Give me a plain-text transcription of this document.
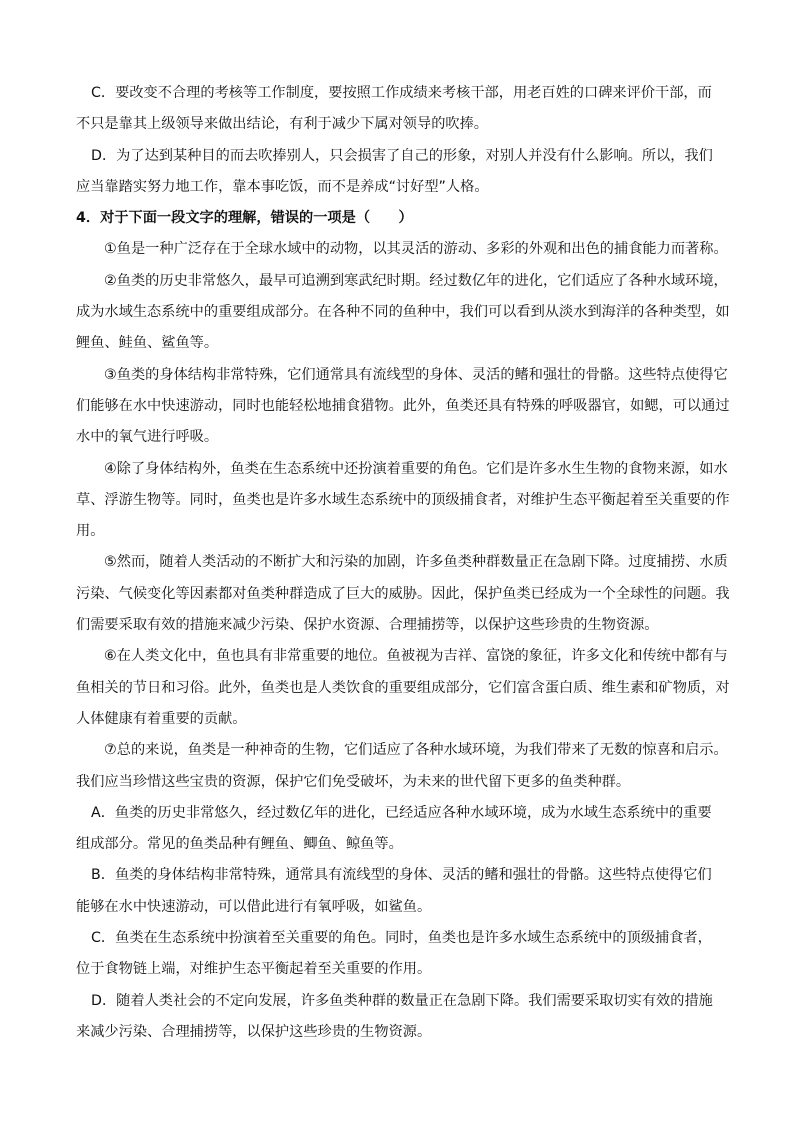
C．要改变不合理的考核等工作制度，要按照工作成绩来考核干部，用老百姓的口碑来评价干部，而
不只是靠其上级领导来做出结论，有利于减少下属对领导的吹捧。
D．为了达到某种目的而去吹捧别人，只会损害了自己的形象，对别人并没有什么影响。所以，我们
应当靠踏实努力地工作，靠本事吃饭，而不是养成“讨好型”人格。
4．对于下面一段文字的理解，错误的一项是（　　）
①鱼是一种广泛存在于全球水域中的动物，以其灵活的游动、多彩的外观和出色的捕食能力而著称。
②鱼类的历史非常悠久，最早可追溯到寒武纪时期。经过数亿年的进化，它们适应了各种水域环境，
成为水域生态系统中的重要组成部分。在各种不同的鱼种中，我们可以看到从淡水到海洋的各种类型，如
鲤鱼、鲑鱼、鲨鱼等。
③鱼类的身体结构非常特殊，它们通常具有流线型的身体、灵活的鳍和强壮的骨骼。这些特点使得它
们能够在水中快速游动，同时也能轻松地捕食猎物。此外，鱼类还具有特殊的呼吸器官，如鳃，可以通过
水中的氧气进行呼吸。
④除了身体结构外，鱼类在生态系统中还扮演着重要的角色。它们是许多水生生物的食物来源，如水
草、浮游生物等。同时，鱼类也是许多水域生态系统中的顶级捕食者，对维护生态平衡起着至关重要的作
用。
⑤然而，随着人类活动的不断扩大和污染的加剧，许多鱼类种群数量正在急剧下降。过度捕捞、水质
污染、气候变化等因素都对鱼类种群造成了巨大的威胁。因此，保护鱼类已经成为一个全球性的问题。我
们需要采取有效的措施来减少污染、保护水资源、合理捕捞等，以保护这些珍贵的生物资源。
⑥在人类文化中，鱼也具有非常重要的地位。鱼被视为吉祥、富饶的象征，许多文化和传统中都有与
鱼相关的节日和习俗。此外，鱼类也是人类饮食的重要组成部分，它们富含蛋白质、维生素和矿物质，对
人体健康有着重要的贡献。
⑦总的来说，鱼类是一种神奇的生物，它们适应了各种水域环境，为我们带来了无数的惊喜和启示。
我们应当珍惜这些宝贵的资源，保护它们免受破坏，为未来的世代留下更多的鱼类种群。
A．鱼类的历史非常悠久，经过数亿年的进化，已经适应各种水域环境，成为水域生态系统中的重要
组成部分。常见的鱼类品种有鲤鱼、鲫鱼、鲸鱼等。
B．鱼类的身体结构非常特殊，通常具有流线型的身体、灵活的鳍和强壮的骨骼。这些特点使得它们
能够在水中快速游动，可以借此进行有氧呼吸，如鲨鱼。
C．鱼类在生态系统中扮演着至关重要的角色。同时，鱼类也是许多水域生态系统中的顶级捕食者，
位于食物链上端，对维护生态平衡起着至关重要的作用。
D．随着人类社会的不定向发展，许多鱼类种群的数量正在急剧下降。我们需要采取切实有效的措施
来减少污染、合理捕捞等，以保护这些珍贵的生物资源。
